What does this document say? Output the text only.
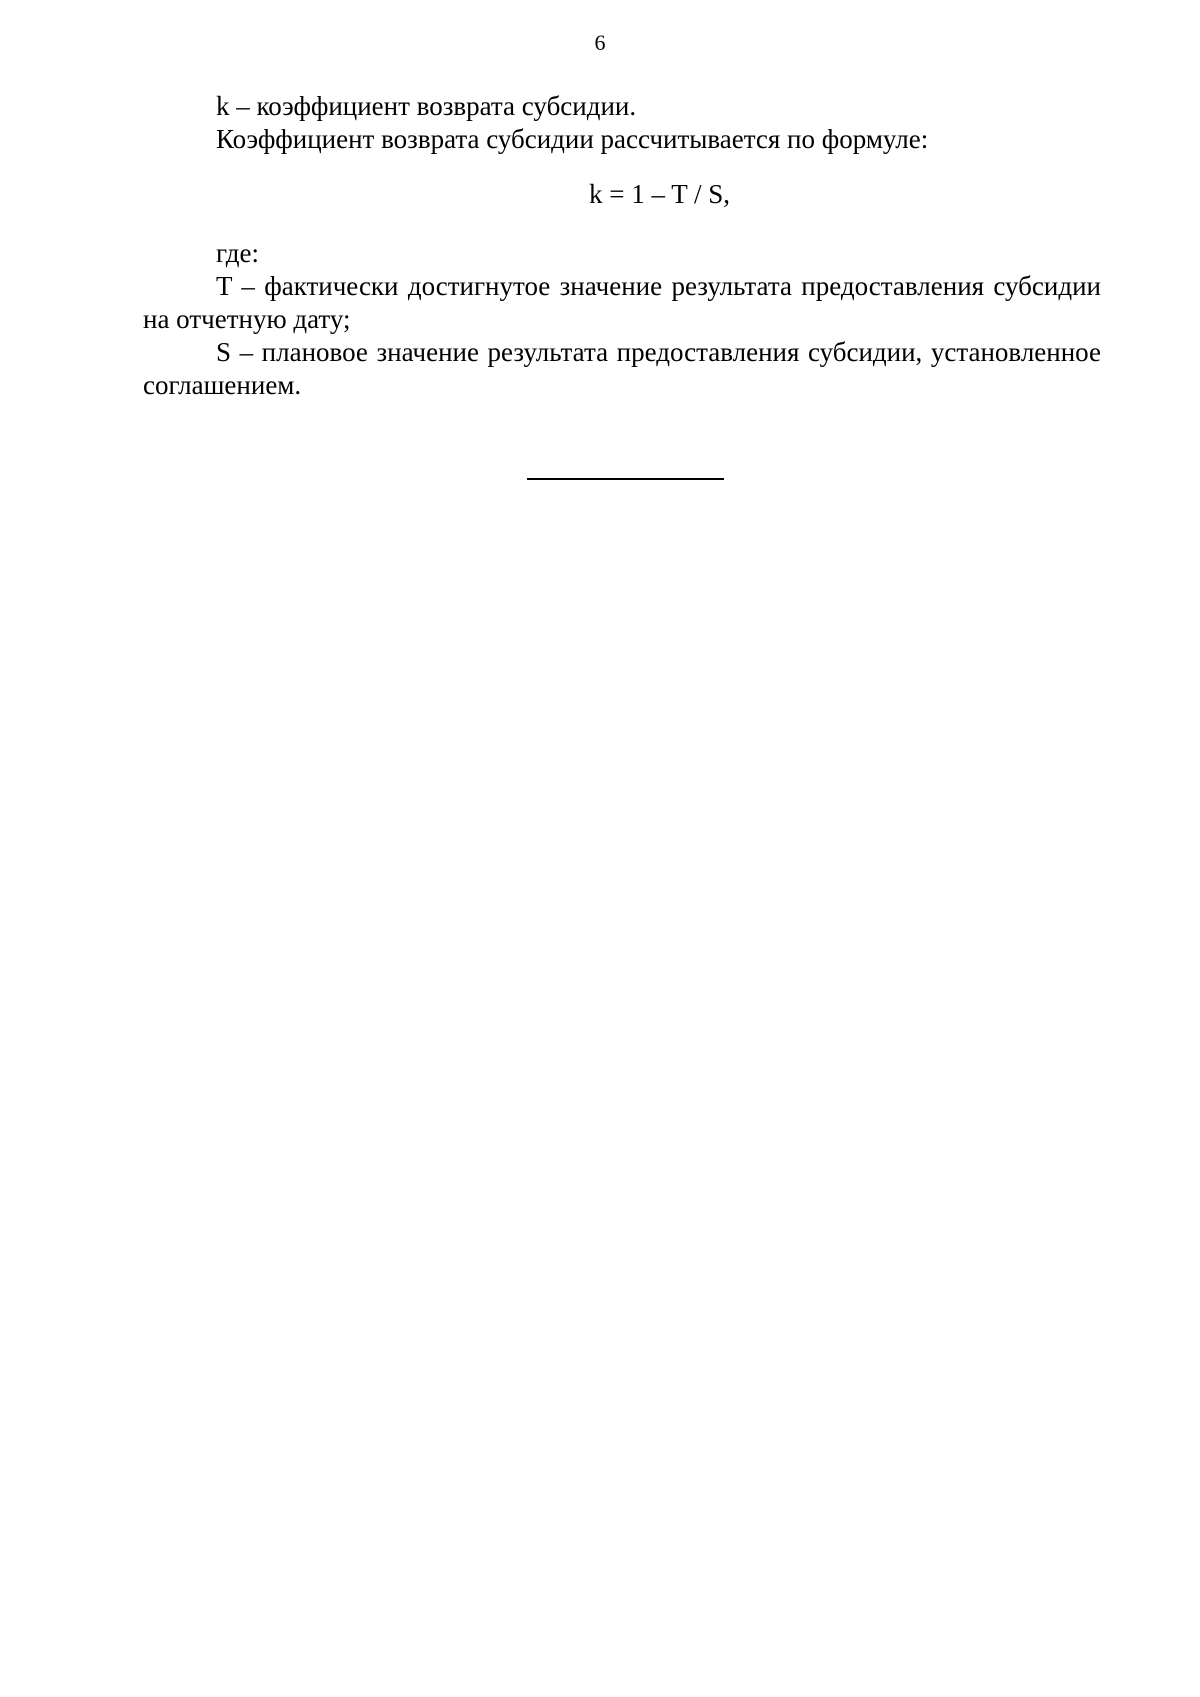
6

k – коэффициент возврата субсидии.

Коэффициент возврата субсидии рассчитывается по формуле:

k = 1 – T / S,

где:

T – фактически достигнутое значение результата предоставления субсидии на отчетную дату;

S – плановое значение результата предоставления субсидии, установленное соглашением.
